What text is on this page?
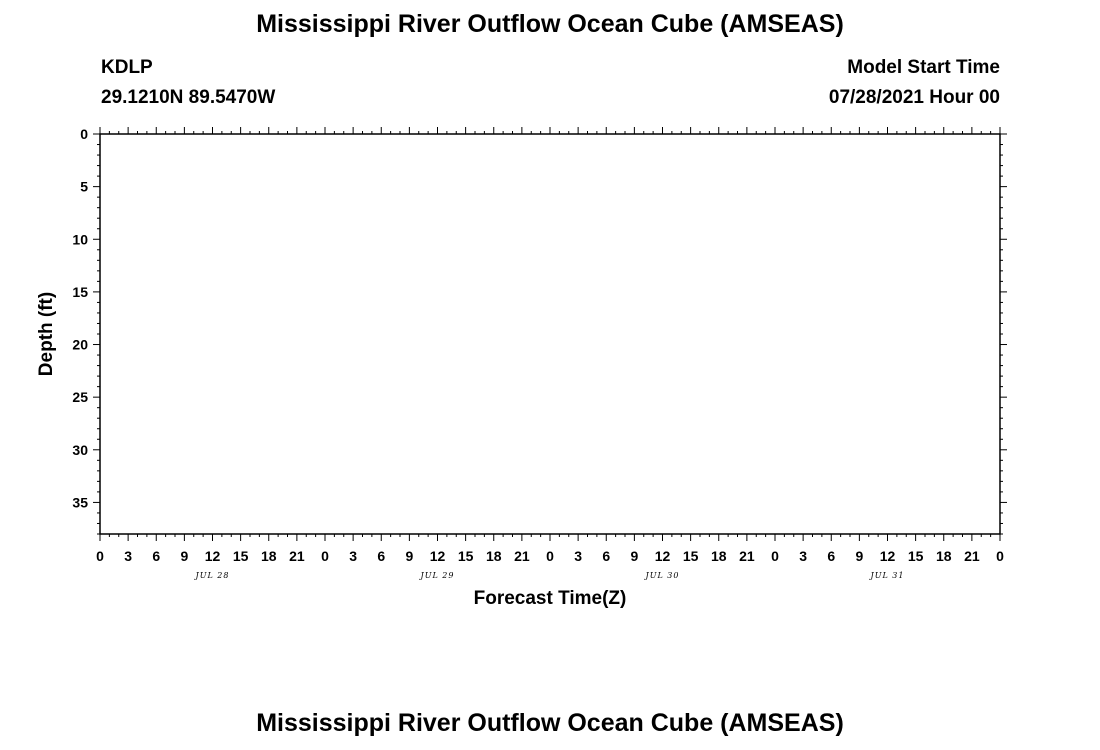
Mississippi River Outflow Ocean Cube (AMSEAS)
KDLP
29.1210N 89.5470W
Model Start Time
07/28/2021 Hour 00
0
5
10
15
20
25
30
35
0 3 6 9 12 15 18 21 0 3 6 9 12 15 18 21 0 3 6 9 12 15 18 21 0 3 6 9 12 15 18 21 0
JUL 28	JUL 29	JUL 30	JUL 31
Forecast Time(Z)
Depth (ft)
Mississippi River Outflow Ocean Cube (AMSEAS)
